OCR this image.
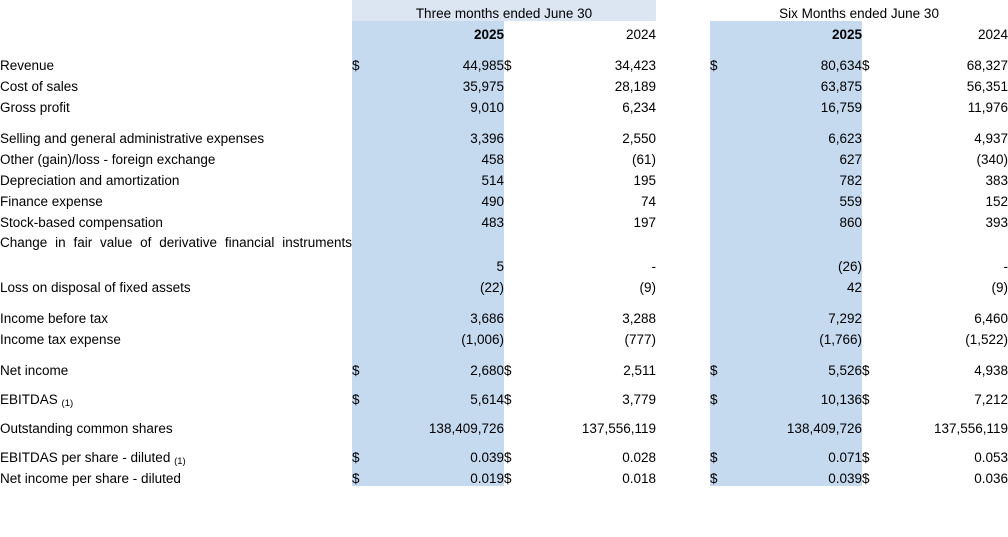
	Three months ended June 30					Six Months ended June 30			
		2025		2024			2025		2024

Revenue	$	44,985	$	34,423		$	80,634	$	68,327
Cost of sales		35,975		28,189			63,875		56,351
Gross profit		9,010		6,234			16,759		11,976

Selling and general administrative expenses		3,396		2,550			6,623		4,937
Other (gain)/loss - foreign exchange		458		(61)			627		(340)
Depreciation and amortization		514		195			782		383
Finance expense		490		74			559		152
Stock-based compensation		483		197			860		393
Change in fair value of derivative financial instruments									
		5		-			(26)		-
Loss on disposal of fixed assets		(22)		(9)			42		(9)

Income before tax		3,686		3,288			7,292		6,460
Income tax expense		(1,006)		(777)			(1,766)		(1,522)

Net income	$	2,680	$	2,511		$	5,526	$	4,938

EBITDAS (1)	$	5,614	$	3,779		$	10,136	$	7,212

Outstanding common shares		138,409,726		137,556,119			138,409,726		137,556,119

EBITDAS per share - diluted (1)	$	0.039	$	0.028		$	0.071	$	0.053
Net income per share - diluted	$	0.019	$	0.018		$	0.039	$	0.036
